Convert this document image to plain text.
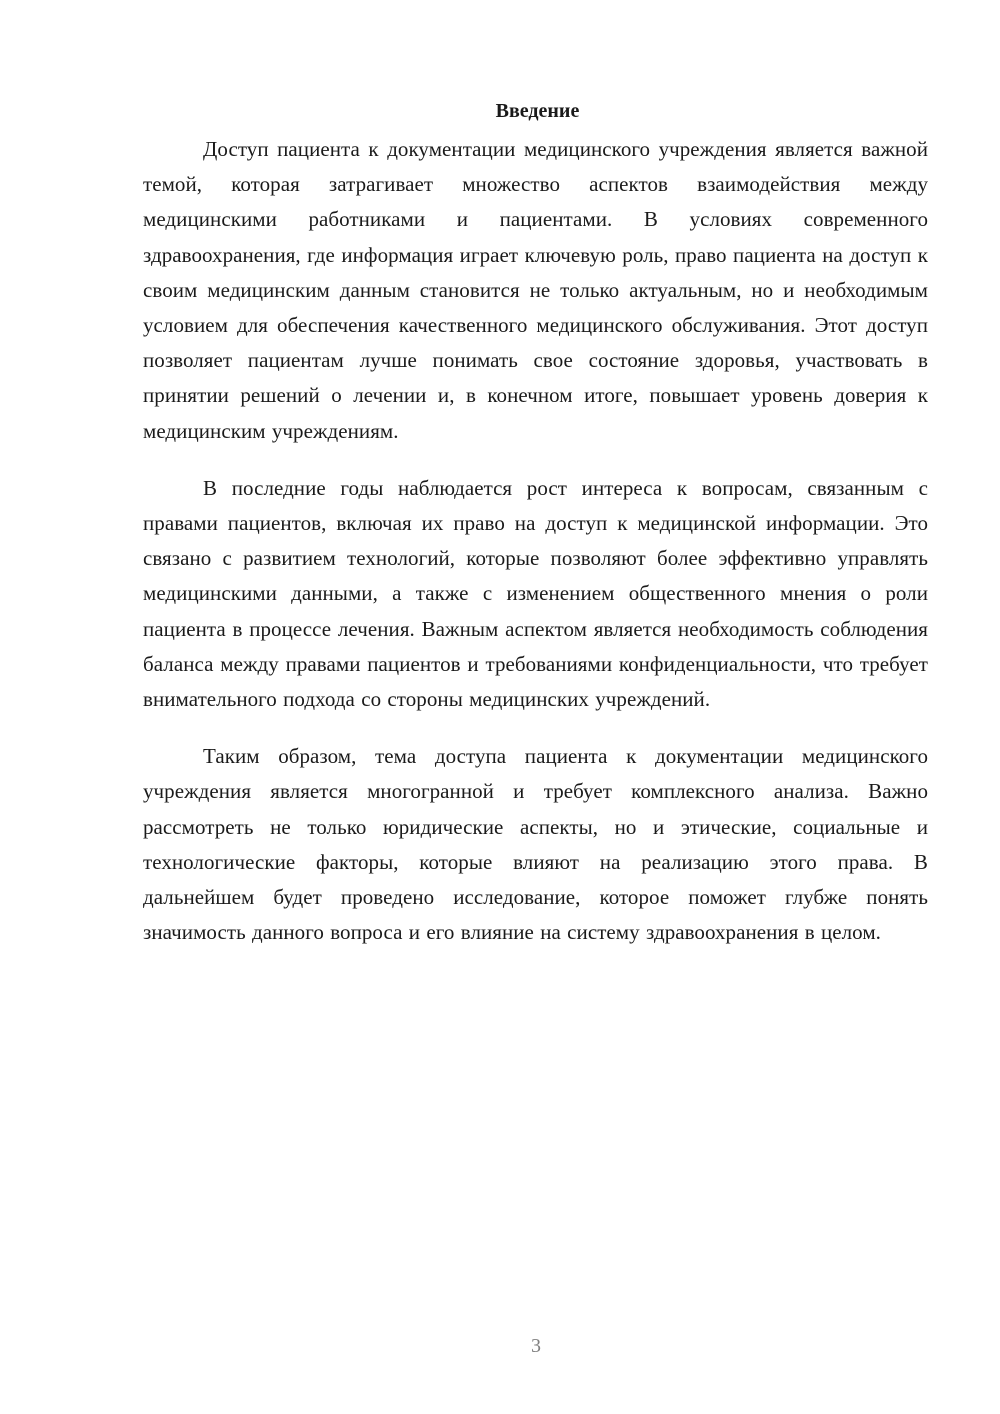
Введение

Доступ пациента к документации медицинского учреждения является важной темой, которая затрагивает множество аспектов взаимодействия между медицинскими работниками и пациентами. В условиях современного здравоохранения, где информация играет ключевую роль, право пациента на доступ к своим медицинским данным становится не только актуальным, но и необходимым условием для обеспечения качественного медицинского обслуживания. Этот доступ позволяет пациентам лучше понимать свое состояние здоровья, участвовать в принятии решений о лечении и, в конечном итоге, повышает уровень доверия к медицинским учреждениям.

В последние годы наблюдается рост интереса к вопросам, связанным с правами пациентов, включая их право на доступ к медицинской информации. Это связано с развитием технологий, которые позволяют более эффективно управлять медицинскими данными, а также с изменением общественного мнения о роли пациента в процессе лечения. Важным аспектом является необходимость соблюдения баланса между правами пациентов и требованиями конфиденциальности, что требует внимательного подхода со стороны медицинских учреждений.

Таким образом, тема доступа пациента к документации медицинского учреждения является многогранной и требует комплексного анализа. Важно рассмотреть не только юридические аспекты, но и этические, социальные и технологические факторы, которые влияют на реализацию этого права. В дальнейшем будет проведено исследование, которое поможет глубже понять значимость данного вопроса и его влияние на систему здравоохранения в целом.

3
